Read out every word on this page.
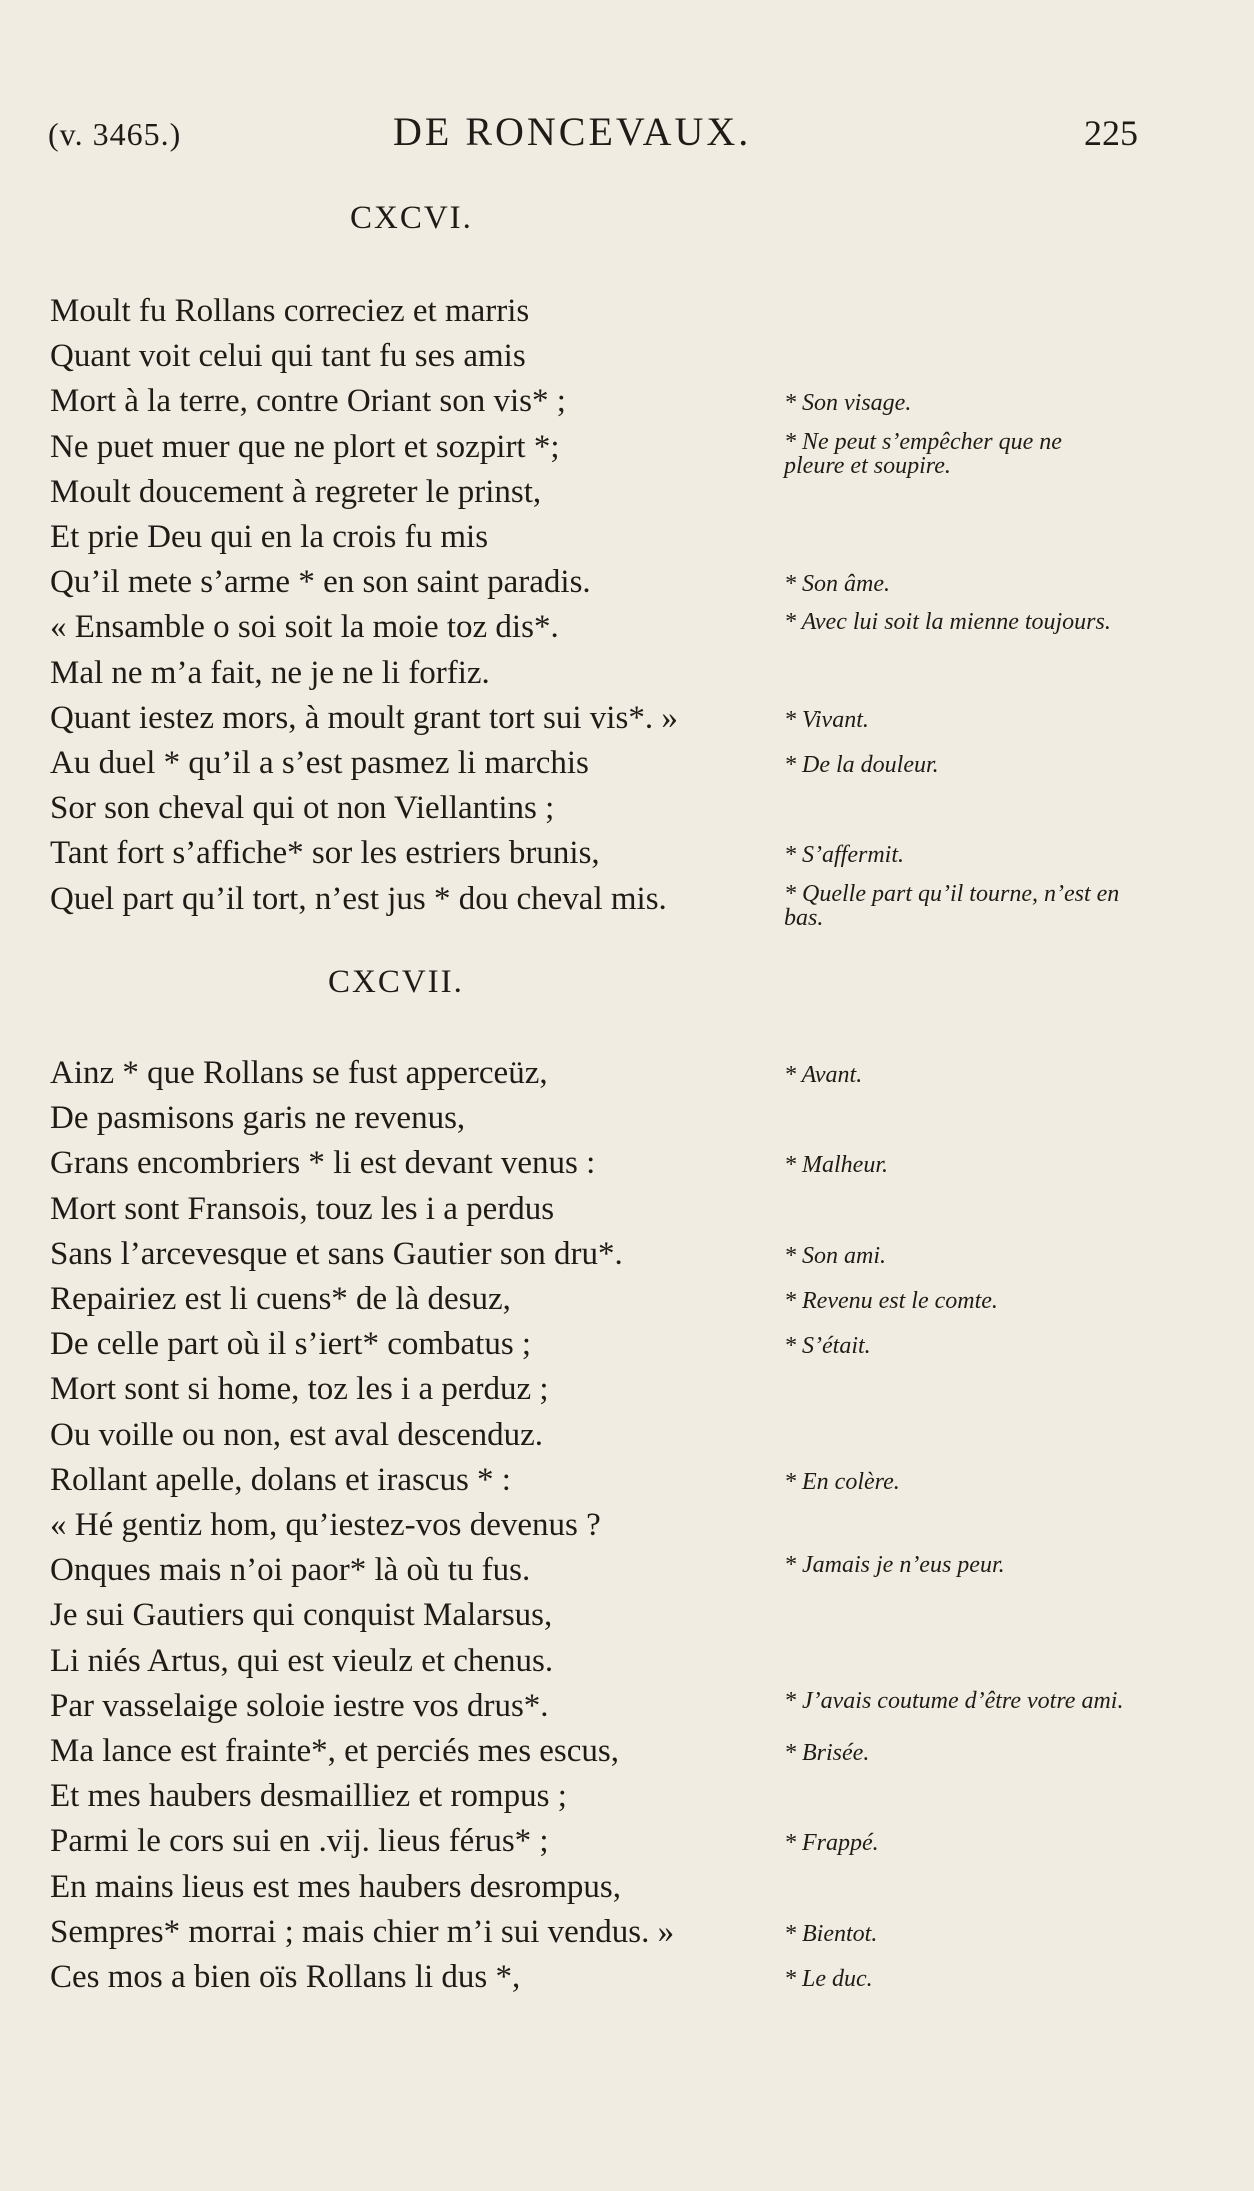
(v. 3465.)	DE RONCEVAUX.	225
CXCVI.
Moult fu Rollans correciez et marris
Quant voit celui qui tant fu ses amis
Mort à la terre, contre Oriant son vis* ;
Ne puet muer que ne plort et sozpirt *;
Moult doucement à regreter le prinst,
Et prie Deu qui en la crois fu mis
Qu’il mete s’arme * en son saint paradis.
« Ensamble o soi soit la moie toz dis*.
Mal ne m’a fait, ne je ne li forfiz.
Quant iestez mors, à moult grant tort sui vis*. »
Au duel * qu’il a s’est pasmez li marchis
Sor son cheval qui ot non Viellantins ;
Tant fort s’affiche* sor les estriers brunis,
Quel part qu’il tort, n’est jus * dou cheval mis.
* Son visage.
* Ne peut s’empêcher que ne pleure et soupire.
* Son âme.
* Avec lui soit la mienne toujours.
* Vivant.
* De la douleur.
* S’affermit.
* Quelle part qu’il tourne, n’est en bas.
CXCVII.
Ainz * que Rollans se fust apperceüz,
De pasmisons garis ne revenus,
Grans encombriers * li est devant venus :
Mort sont Fransois, touz les i a perdus
Sans l’arcevesque et sans Gautier son dru*.
Repairiez est li cuens* de là desuz,
De celle part où il s’iert* combatus ;
Mort sont si home, toz les i a perduz ;
Ou voille ou non, est aval descenduz.
Rollant apelle, dolans et irascus * :
« Hé gentiz hom, qu’iestez-vos devenus ?
Onques mais n’oi paor* là où tu fus.
Je sui Gautiers qui conquist Malarsus,
Li niés Artus, qui est vieulz et chenus.
Par vasselaige soloie iestre vos drus*.
Ma lance est frainte*, et perciés mes escus,
Et mes haubers desmailliez et rompus ;
Parmi le cors sui en .vij. lieus férus* ;
En mains lieus est mes haubers desrompus,
Sempres* morrai ; mais chier m’i sui vendus. »
Ces mos a bien oïs Rollans li dus *,
* Avant.
* Malheur.
* Son ami.
* Revenu est le comte.
* S’était.
* En colère.
* Jamais je n’eus peur.
* J’avais coutume d’être votre ami.
* Brisée.
* Frappé.
* Bientot.
* Le duc.
